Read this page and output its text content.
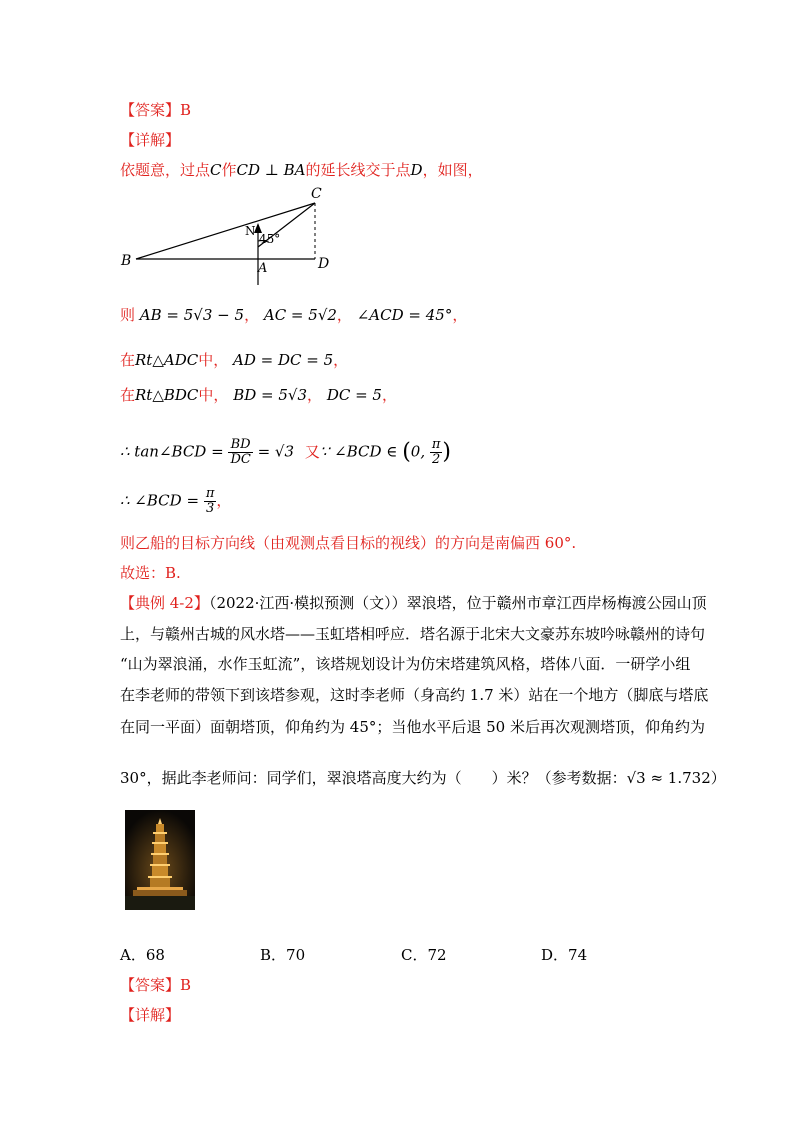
【答案】B
【详解】
依题意，过点C作CD ⊥ BA的延长线交于点D，如图，
B	A
C
D
N
45°
则 AB = 5√3 − 5， AC = 5√2， ∠ACD = 45°，
在Rt△ADC中， AD = DC = 5，
在Rt△BDC中， BD = 5√3， DC = 5，
∴ tan∠BCD = $\frac{BD}{DC} = √3$ 又∵ ∠BCD ∈ (0, $\frac{\pi}{2}$ )
∴ ∠BCD = $\frac{\pi}{3}$ ，
则乙船的目标方向线（由观测点看目标的视线）的方向是南偏西 60°.
故选：B.
【典例 4-2】（2022·江西·模拟预测（文））翠浪塔，位于赣州市章江西岸杨梅渡公园山顶
上，与赣州古城的风水塔——玉虹塔相呼应．塔名源于北宋大文豪苏东坡吟咏赣州的诗句
“山为翠浪涌，水作玉虹流”，该塔规划设计为仿宋塔建筑风格，塔体八面．一研学小组
在李老师的带领下到该塔参观，这时李老师（身高约 1.7 米）站在一个地方（脚底与塔底
在同一平面）面朝塔顶，仰角约为 45°；当他水平后退 50 米后再次观测塔顶，仰角约为
30°，据此李老师问：同学们，翠浪塔高度大约为（　　）米？（参考数据：√3 ≈ 1.732）
A．68	B．70	C．72	D．74
【答案】B
【详解】
